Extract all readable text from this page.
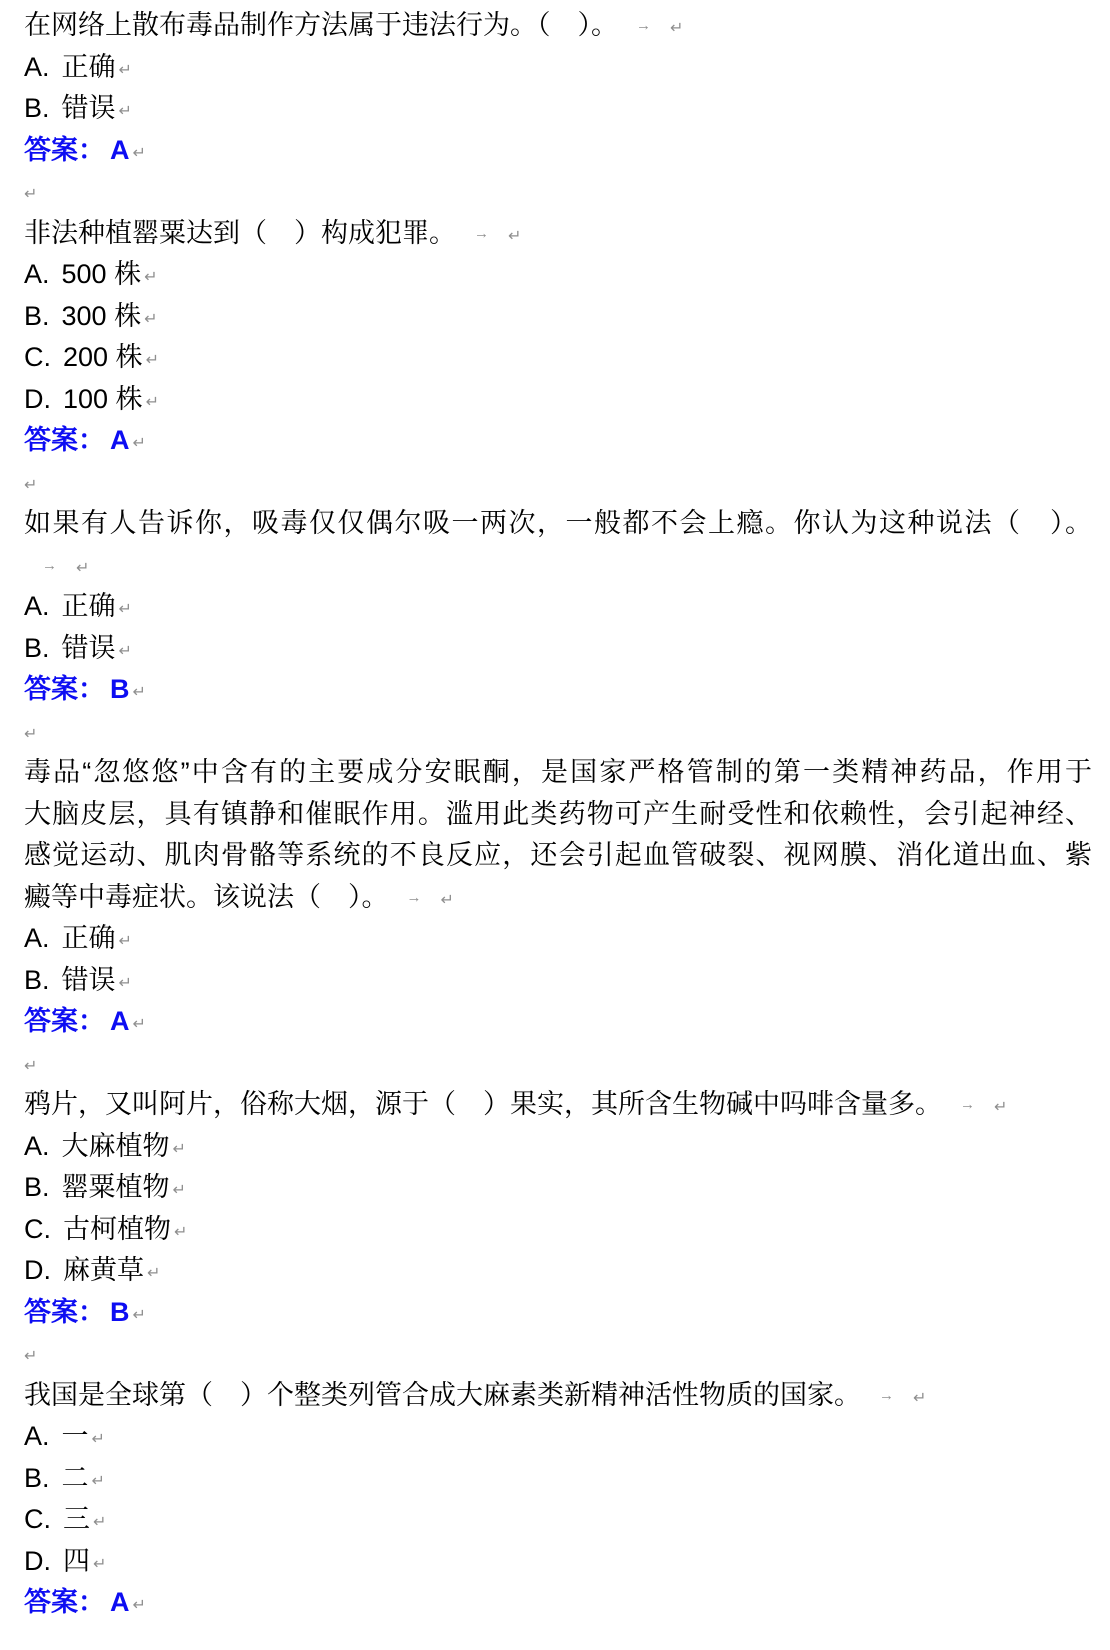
在网络上散布毒品制作方法属于违法行为。（　）。 → ↵
A. 正确 ↵
B. 错误 ↵
答案： A ↵
↵
非法种植罂粟达到（　）构成犯罪。 → ↵
A. 500 株 ↵
B. 300 株 ↵
C. 200 株 ↵
D. 100 株 ↵
答案： A ↵
↵
如果有人告诉你，吸毒仅仅偶尔吸一两次，一般都不会上瘾。你认为这种说法（　）。
→ ↵
A. 正确 ↵
B. 错误 ↵
答案： B ↵
↵
毒品“忽悠悠”中含有的主要成分安眠酮，是国家严格管制的第一类精神药品，作用于
大脑皮层，具有镇静和催眠作用。滥用此类药物可产生耐受性和依赖性，会引起神经、
感觉运动、肌肉骨骼等系统的不良反应，还会引起血管破裂、视网膜、消化道出血、紫
癜等中毒症状。该说法（　）。 → ↵
A. 正确 ↵
B. 错误 ↵
答案： A ↵
↵
鸦片，又叫阿片，俗称大烟，源于（　）果实，其所含生物碱中吗啡含量多。 → ↵
A. 大麻植物 ↵
B. 罂粟植物 ↵
C. 古柯植物 ↵
D. 麻黄草 ↵
答案： B ↵
↵
我国是全球第（　）个整类列管合成大麻素类新精神活性物质的国家。 → ↵
A. 一 ↵
B. 二 ↵
C. 三 ↵
D. 四 ↵
答案： A ↵
